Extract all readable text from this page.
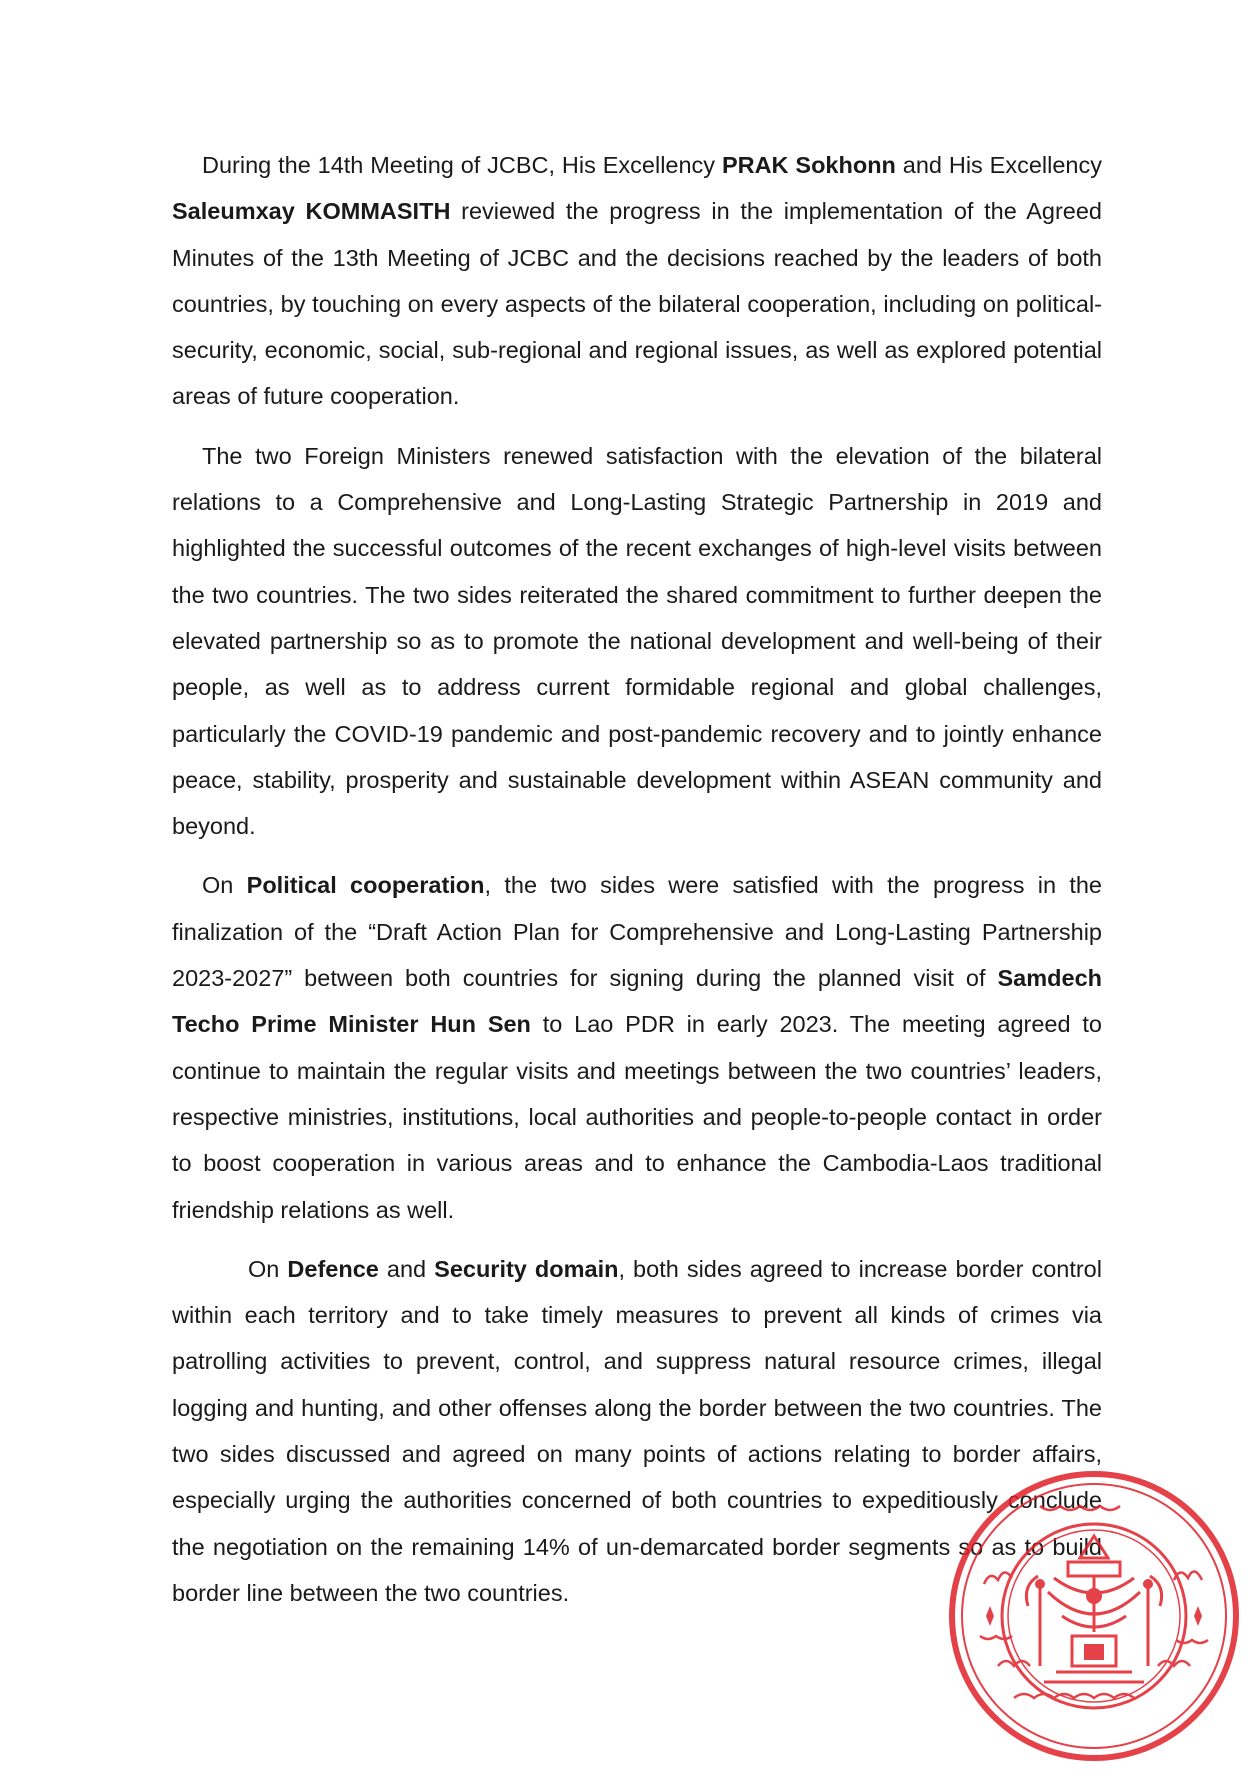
During the 14th Meeting of JCBC, His Excellency PRAK Sokhonn and His Excellency Saleumxay KOMMASITH reviewed the progress in the implementation of the Agreed Minutes of the 13th Meeting of JCBC and the decisions reached by the leaders of both countries, by touching on every aspects of the bilateral cooperation, including on political-security, economic, social, sub-regional and regional issues, as well as explored potential areas of future cooperation.

The two Foreign Ministers renewed satisfaction with the elevation of the bilateral relations to a Comprehensive and Long-Lasting Strategic Partnership in 2019 and highlighted the successful outcomes of the recent exchanges of high-level visits between the two countries. The two sides reiterated the shared commitment to further deepen the elevated partnership so as to promote the national development and well-being of their people, as well as to address current formidable regional and global challenges, particularly the COVID-19 pandemic and post-pandemic recovery and to jointly enhance peace, stability, prosperity and sustainable development within ASEAN community and beyond.

On Political cooperation, the two sides were satisfied with the progress in the finalization of the “Draft Action Plan for Comprehensive and Long-Lasting Partnership 2023-2027” between both countries for signing during the planned visit of Samdech Techo Prime Minister Hun Sen to Lao PDR in early 2023. The meeting agreed to continue to maintain the regular visits and meetings between the two countries’ leaders, respective ministries, institutions, local authorities and people-to-people contact in order to boost cooperation in various areas and to enhance the Cambodia-Laos traditional friendship relations as well.

On Defence and Security domain, both sides agreed to increase border control within each territory and to take timely measures to prevent all kinds of crimes via patrolling activities to prevent, control, and suppress natural resource crimes, illegal logging and hunting, and other offenses along the border between the two countries. The two sides discussed and agreed on many points of actions relating to border affairs, especially urging the authorities concerned of both countries to expeditiously conclude the negotiation on the remaining 14% of un-demarcated border segments so as to build border line between the two countries.
